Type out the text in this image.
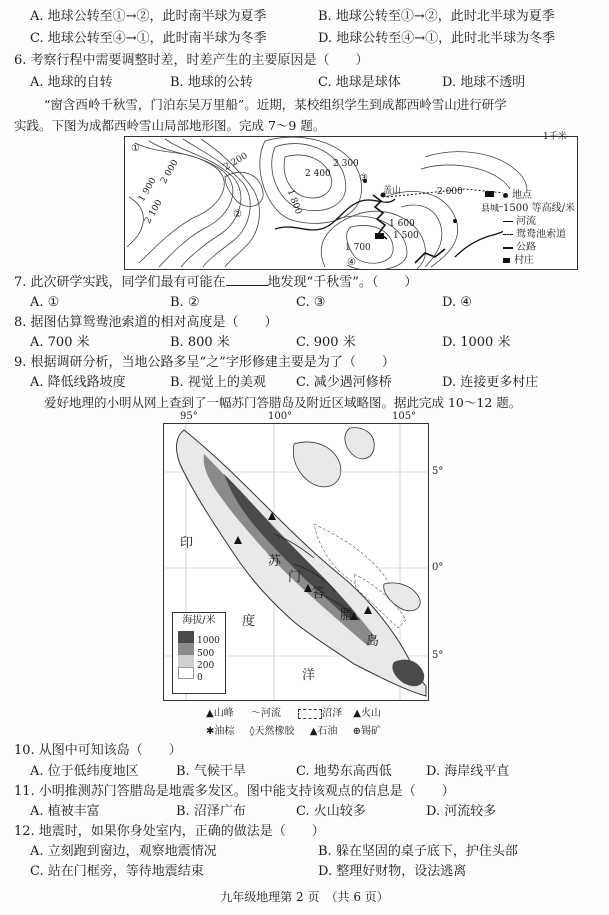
A. 地球公转至①→②，此时南半球为夏季	B. 地球公转至①→②，此时北半球为夏季
C. 地球公转至④→①，此时南半球为冬季	D. 地球公转至④→①，此时北半球为冬季
6. 考察行程中需要调整时差，时差产生的主要原因是（　　）
A. 地球的自转	B. 地球的公转	C. 地球是球体	D. 地球不透明
“窗含西岭千秋雪，门泊东吴万里船”。近期，某校组织学生到成都西岭雪山进行研学
实践。下图为成都西岭雪山局部地形图。完成 7～9 题。
1千米
2 000
1 900
2 200
2 100
2 300
2 400
1 800	2 000
1 700
1 600
1 500
①
②
③
④
盖山
县城
地点
1500 等高线/米
河流
鸳鸯池索道
公路
村庄
7. 此次研学实践，同学们最有可能在	地发现“千秋雪”。（　　）
A. ①	B. ②	C. ③	D. ④
8. 据图估算鸳鸯池索道的相对高度是（　　）
A. 700 米	B. 800 米	C. 900 米	D. 1000 米
9. 根据调研分析，当地公路多呈“之”字形修建主要是为了（　　）
A. 降低线路坡度	B. 视觉上的美观 C. 减少遇河修桥	D. 连接更多村庄
爱好地理的小明从网上查到了一幅苏门答腊岛及附近区域略图。据此完成 10～12 题。
95°	100°	105°
海拔/米
1000
500
200
0
印
度
洋
苏
门
答
腊
岛
5°
0°
5°
▲山峰 ～河流	沼泽 ▲火山
✱油棕 ◊天然橡胶 ▲石油 ⊕锡矿
10. 从图中可知该岛（　　）
A. 位于低纬度地区	B. 气候干旱	C. 地势东高西低	D. 海岸线平直
11. 小明推测苏门答腊岛是地震多发区。图中能支持该观点的信息是（　　）
A. 植被丰富	B. 沼泽广布	C. 火山较多	D. 河流较多
12. 地震时，如果你身处室内，正确的做法是（　　）
A. 立刻跑到窗边，观察地震情况	B. 躲在坚固的桌子底下，护住头部
C. 站在门框旁，等待地震结束	D. 整理好财物，设法逃离
九年级地理第 2 页　（共 6 页）
